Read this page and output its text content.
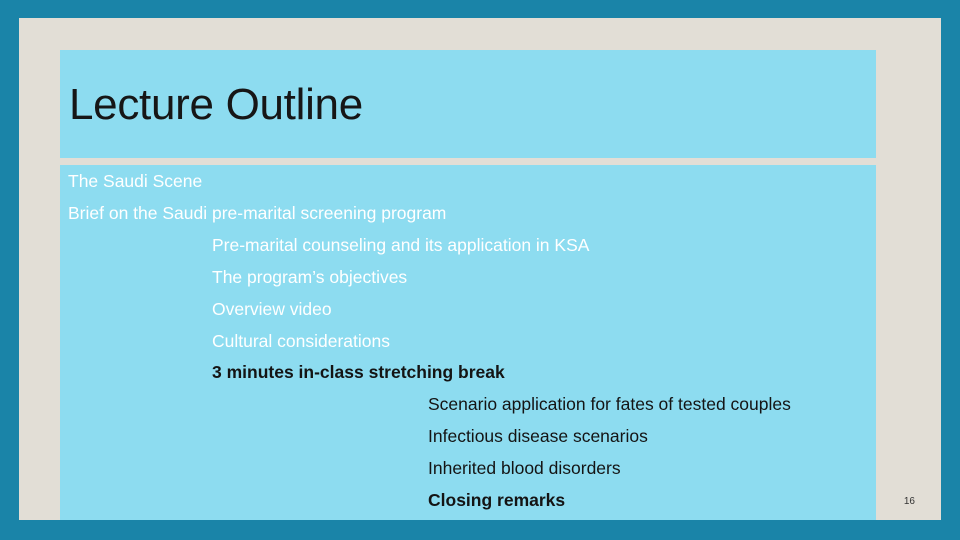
Lecture Outline
The Saudi Scene
Brief on the Saudi pre-marital screening program
Pre-marital counseling and its application in KSA
The program’s objectives
Overview video
Cultural considerations
3 minutes in-class stretching break
Scenario application for fates of tested couples
Infectious disease scenarios
Inherited blood disorders
Closing remarks	16
